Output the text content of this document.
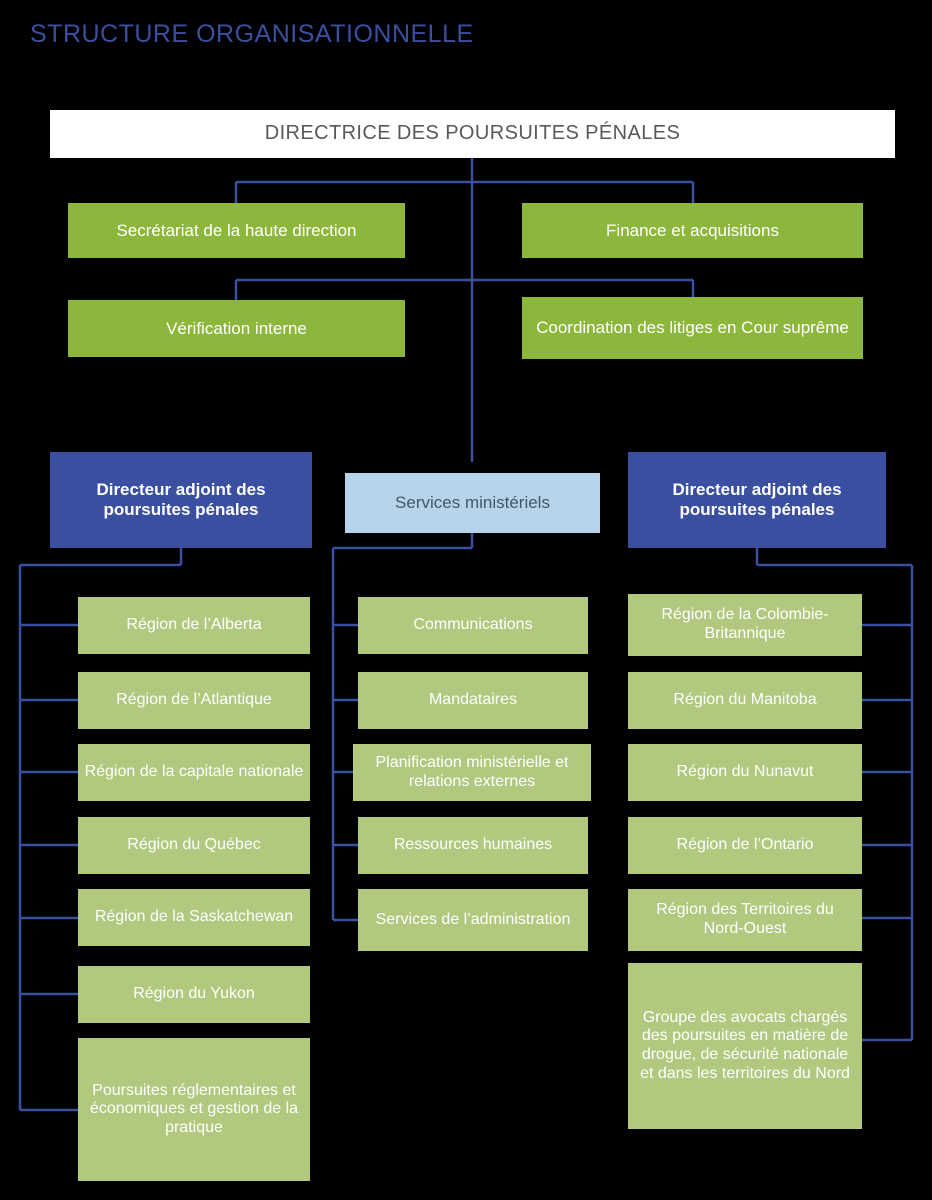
STRUCTURE ORGANISATIONNELLE
DIRECTRICE DES POURSUITES PÉNALES
Secrétariat de la haute direction	Finance et acquisitions
Vérification interne	Coordination des litiges en Cour suprême
Directeur adjoint des poursuites pénales	Services ministériels
Directeur adjoint des poursuites pénales
Région de l’Alberta
Région de l’Atlantique
Région de la capitale nationale
Région du Québec
Région de la Saskatchewan
Région du Yukon
Poursuites réglementaires et économiques et gestion de la pratique
Communications
Mandataires
Planification ministérielle et relations externes
Ressources humaines
Services de l’administration
Région de la Colombie-Britannique
Région du Manitoba
Région du Nunavut
Région de l’Ontario
Région des Territoires du Nord-Ouest
Groupe des avocats chargés des poursuites en matière de drogue, de sécurité nationale et dans les territoires du Nord
